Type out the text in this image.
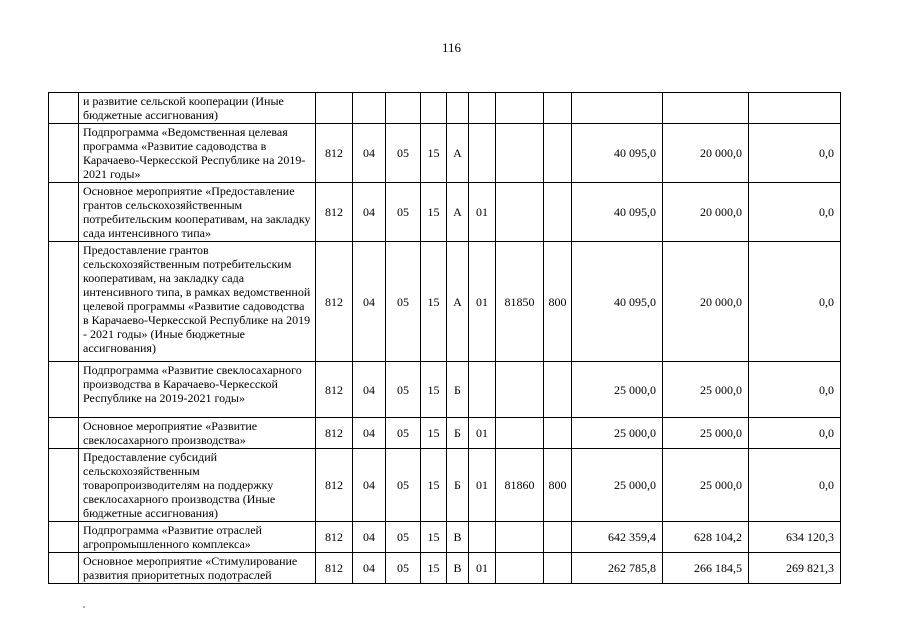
116
	и развитие сельской кооперации (Иные бюджетные ассигнования)											
	Подпрограмма «Ведомственная целевая программа «Развитие садоводства в Карачаево-Черкесской Республике на 2019-2021 годы»	812	04	05	15	А				40 095,0	20 000,0	0,0
	Основное мероприятие «Предоставление грантов сельскохозяйственным потребительским кооперативам, на закладку сада интенсивного типа»	812	04	05	15	А	01			40 095,0	20 000,0	0,0
	Предоставление грантов сельскохозяйственным потребительским кооперативам, на закладку сада интенсивного типа, в рамках ведомственной целевой программы «Развитие садоводства в Карачаево-Черкесской Республике на 2019 - 2021 годы» (Иные бюджетные ассигнования)	812	04	05	15	А	01	81850	800	40 095,0	20 000,0	0,0
	Подпрограмма «Развитие свеклосахарного производства в Карачаево-Черкесской Республике на 2019-2021 годы»	812	04	05	15	Б				25 000,0	25 000,0	0,0
	Основное мероприятие «Развитие свеклосахарного производства»	812	04	05	15	Б	01			25 000,0	25 000,0	0,0
	Предоставление субсидий сельскохозяйственным товаропроизводителям на поддержку свеклосахарного производства (Иные бюджетные ассигнования)	812	04	05	15	Б	01	81860	800	25 000,0	25 000,0	0,0
	Подпрограмма «Развитие отраслей агропромышленного комплекса»	812	04	05	15	В				642 359,4	628 104,2	634 120,3
	Основное мероприятие «Стимулирование развития приоритетных подотраслей	812	04	05	15	В	01			262 785,8	266 184,5	269 821,3
